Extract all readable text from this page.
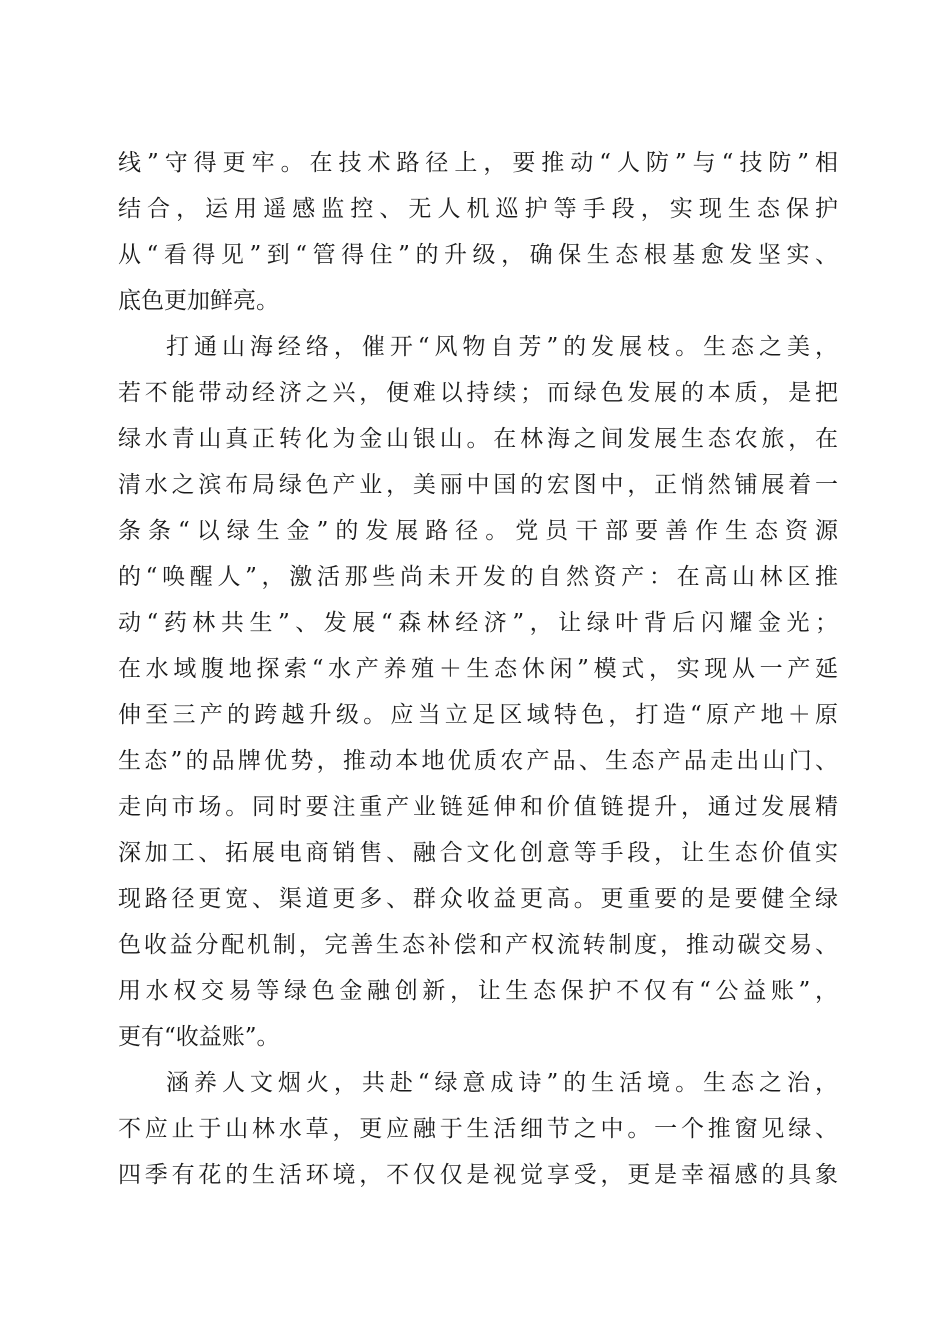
线”守得更牢。在技术路径上，要推动“人防”与“技防”相
结合，运用遥感监控、无人机巡护等手段，实现生态保护
从“看得见”到“管得住”的升级，确保生态根基愈发坚实、
底色更加鲜亮。
打通山海经络，催开“风物自芳”的发展枝。生态之美，
若不能带动经济之兴，便难以持续；而绿色发展的本质，是把
绿水青山真正转化为金山银山。在林海之间发展生态农旅，在
清水之滨布局绿色产业，美丽中国的宏图中，正悄然铺展着一
条条“以绿生金”的发展路径。党员干部要善作生态资源
的“唤醒人”，激活那些尚未开发的自然资产：在高山林区推
动“药林共生”、发展“森林经济”，让绿叶背后闪耀金光；
在水域腹地探索“水产养殖＋生态休闲”模式，实现从一产延
伸至三产的跨越升级。应当立足区域特色，打造“原产地＋原
生态”的品牌优势，推动本地优质农产品、生态产品走出山门、
走向市场。同时要注重产业链延伸和价值链提升，通过发展精
深加工、拓展电商销售、融合文化创意等手段，让生态价值实
现路径更宽、渠道更多、群众收益更高。更重要的是要健全绿
色收益分配机制，完善生态补偿和产权流转制度，推动碳交易、
用水权交易等绿色金融创新，让生态保护不仅有“公益账”，
更有“收益账”。
涵养人文烟火，共赴“绿意成诗”的生活境。生态之治，
不应止于山林水草，更应融于生活细节之中。一个推窗见绿、
四季有花的生活环境，不仅仅是视觉享受，更是幸福感的具象
